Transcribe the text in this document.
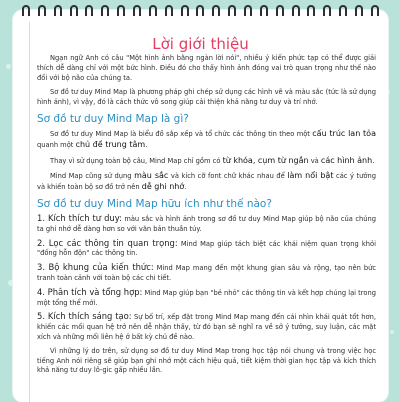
Lời giới thiệu

Ngạn ngữ Anh có câu "Một hình ảnh bằng ngàn lời nói", nhiều ý kiến phức tạp có thể được giải thích dễ dàng chỉ với một bức hình. Điều đó cho thấy hình ảnh đóng vai trò quan trọng như thế nào đối với bộ não của chúng ta.

Sơ đồ tư duy Mind Map là phương pháp ghi chép sử dụng các hình vẽ và màu sắc (tức là sử dụng hình ảnh), vì vậy, đó là cách thức vô song giúp cải thiện khả năng tư duy và trí nhớ.

Sơ đồ tư duy Mind Map là gì?

Sơ đồ tư duy Mind Map là biểu đồ sắp xếp và tổ chức các thông tin theo một cấu trúc lan tỏa quanh một chủ đề trung tâm.

Thay vì sử dụng toàn bộ câu, Mind Map chỉ gồm có từ khóa, cụm từ ngắn và các hình ảnh.

Mind Map cũng sử dụng màu sắc và kích cỡ font chữ khác nhau để làm nổi bật các ý tưởng và khiến toàn bộ sơ đồ trở nên dễ ghi nhớ.

Sơ đồ tư duy Mind Map hữu ích như thế nào?

1. Kích thích tư duy: màu sắc và hình ảnh trong sơ đồ tư duy Mind Map giúp bộ não của chúng ta ghi nhớ dễ dàng hơn so với văn bản thuần túy.

2. Lọc các thông tin quan trọng: Mind Map giúp tách biệt các khái niệm quan trọng khỏi "đống hỗn độn" các thông tin.

3. Bộ khung của kiến thức: Mind Map mang đến một khung gian sâu và rộng, tạo nên bức tranh toàn cảnh với toàn bộ các chi tiết.

4. Phân tích và tổng hợp: Mind Map giúp bạn "bẻ nhỏ" các thông tin và kết hợp chúng lại trong một tổng thể mới.

5. Kích thích sáng tạo: Sự bố trí, xếp đặt trong Mind Map mang đến cái nhìn khái quát tốt hơn, khiến các mối quan hệ trở nên dễ nhận thấy, từ đó bạn sẽ nghĩ ra về sở ý tưởng, suy luận, các mặt xích và những mối liên hệ ở bất kỳ chủ đề nào.

Vì những lý do trên, sử dụng sơ đồ tư duy Mind Map trong học tập nói chung và trong việc học tiếng Anh nói riêng sẽ giúp bạn ghi nhớ một cách hiệu quả, tiết kiệm thời gian học tập và kích thích khả năng tư duy lô-gic gấp nhiều lần.
